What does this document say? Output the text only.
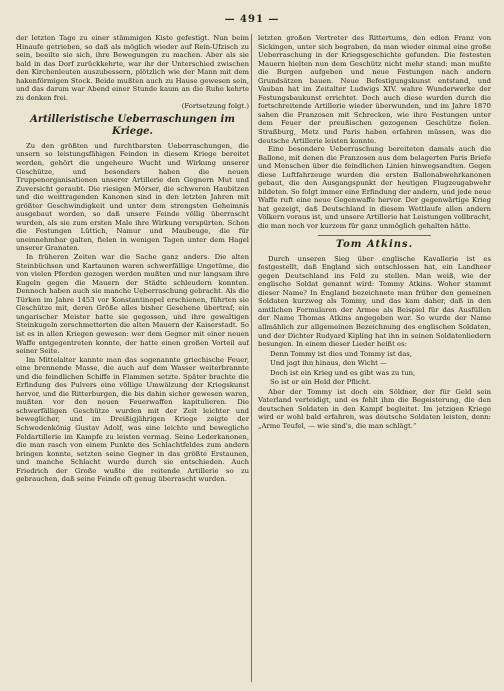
— 491 —

der letzten Tage zu einer stämmigen Kiste gefestigt. Nun beim Hinaufe getrieben, so daß als möglich wieder auf Rein-Ufzisch zu sein, beeilte sie sich, ihre Bewegungen zu machen. Aber als sie bald in das Dorf zurückkehrte, war ihr der Unterschied zwischen den Kirchenleuten auszubessern, plötzlich wie der Mann mit dem hakenförmigen Stock. Beide mußten auch zu Hause gewesen sein, und das darum war Abend einer Stunde kaum an die Ruhe kehrte zu denken frei.

(Fortsetzung folgt.)

Artilleristische Ueberraschungen im Kriege.

Zu den größten und furchtbarsten Ueberraschungen, die unsern so leistungsfähigen Feinden in diesem Kriege bereitet werden, gehört die ungeheure Wucht und Wirkung unserer Geschütze, und besonders haben die neuen Truppenorganisationen unserer Artillerie den Gegnern Mut und Zuversicht geraubt. Die riesigen Mörser, die schweren Haubitzen und die weittragenden Kanonen sind in den letzten Jahren mit größter Geschwindigkeit und unter dem strengsten Geheimnis ausgebaut worden, so daß unsere Feinde völlig überrascht wurden, als sie zum ersten Male ihre Wirkung verspürten. Schon die Festungen Lüttich, Namur und Maubeuge, die für uneinnehmbar galten, fielen in wenigen Tagen unter dem Hagel unserer Granaten.

In früheren Zeiten war die Sache ganz anders. Die alten Steinbüchsen und Kartaunen waren schwerfällige Ungetüme, die von vielen Pferden gezogen werden mußten und nur langsam ihre Kugeln gegen die Mauern der Städte schleudern konnten. Dennoch haben auch sie manche Ueberraschung gebracht. Als die Türken im Jahre 1453 vor Konstantinopel erschienen, führten sie Geschütze mit, deren Größe alles bisher Gesehene übertraf; ein ungarischer Meister hatte sie gegossen, und ihre gewaltigen Steinkugeln zerschmetterten die alten Mauern der Kaiserstadt. So ist es in allen Kriegen gewesen: wer dem Gegner mit einer neuen Waffe entgegentreten konnte, der hatte einen großen Vorteil auf seiner Seite.

Im Mittelalter kannte man das sogenannte griechische Feuer, eine brennende Masse, die auch auf dem Wasser weiterbrannte und die feindlichen Schiffe in Flammen setzte. Später brachte die Erfindung des Pulvers eine völlige Umwälzung der Kriegskunst hervor, und die Ritterburgen, die bis dahin sicher gewesen waren, mußten vor den neuen Feuerwaffen kapitulieren. Die schwerfälligen Geschütze wurden mit der Zeit leichter und beweglicher, und im Dreißigjährigen Kriege zeigte der Schwedenkönig Gustav Adolf, was eine leichte und bewegliche Feldartillerie im Kampfe zu leisten vermag. Seine Lederkanonen, die man rasch von einem Punkte des Schlachtfeldes zum andern bringen konnte, setzten seine Gegner in das größte Erstaunen, und manche Schlacht wurde durch sie entschieden. Auch Friedrich der Große wußte die reitende Artillerie so zu gebrauchen, daß seine Feinde oft genug überrascht wurden.

letzten großen Vertreter des Rittertums, den edlen Franz von Sickingen, unter sich begraben, da man wieder einmal eine große Ueberraschung in der Kriegsgeschichte gefunden. Die festesten Mauern hielten nun dem Geschütz nicht mehr stand: man mußte die Burgen aufgeben und neue Festungen nach andern Grundsätzen bauen. Neue Befestigungskunst entstand, und Vauban hat im Zeitalter Ludwigs XIV. wahre Wunderwerke der Festungsbaukunst errichtet. Doch auch diese wurden durch die fortschreitende Artillerie wieder überwunden, und im Jahre 1870 sahen die Franzosen mit Schrecken, wie ihre Festungen unter dem Feuer der preußischen gezogenen Geschütze fielen. Straßburg, Metz und Paris haben erfahren müssen, was die deutsche Artillerie leisten konnte.

Eine besondere Ueberraschung bereiteten damals auch die Ballone, mit denen die Franzosen aus dem belagerten Paris Briefe und Menschen über die feindlichen Linien hinwegsandten. Gegen diese Luftfahrzeuge wurden die ersten Ballonabwehrkanonen gebaut, die den Ausgangspunkt der heutigen Flugzeugabwehr bildeten. So folgt immer eine Erfindung der andern, und jede neue Waffe ruft eine neue Gegenwaffe hervor. Der gegenwärtige Krieg hat gezeigt, daß Deutschland in diesem Wettlaufe allen andern Völkern voraus ist, und unsere Artillerie hat Leistungen vollbracht, die man noch vor kurzem für ganz unmöglich gehalten hätte.

Tom Atkins.

Durch unseren Sieg über englische Kavallerie ist es festgestellt, daß England sich entschlossen hat, ein Landheer gegen Deutschland ins Feld zu stellen. Man weiß, wie der englische Soldat genannt wird: Tommy Atkins. Woher stammt dieser Name? In England bezeichnete man früher den gemeinen Soldaten kurzweg als Tommy, und das kam daher, daß in den amtlichen Formularen der Armee als Beispiel für das Ausfüllen der Name Thomas Atkins angegeben war. So wurde der Name allmählich zur allgemeinen Bezeichnung des englischen Soldaten, und der Dichter Rudyard Kipling hat ihn in seinen Soldatenliedern besungen. In einem dieser Lieder heißt es:

Denn Tommy ist dies und Tommy ist das,

Und jagt ihn hinaus, den Wicht —

Doch ist ein Krieg und es gibt was zu tun,

So ist er ein Held der Pflicht.

Aber der Tommy ist doch ein Söldner, der für Geld sein Vaterland verteidigt, und es fehlt ihm die Begeisterung, die den deutschen Soldaten in den Kampf begleitet. Im jetzigen Kriege wird er wohl bald erfahren, was deutsche Soldaten leisten, denn: „Arme Teufel, — wie sind's, die man schlägt.“
